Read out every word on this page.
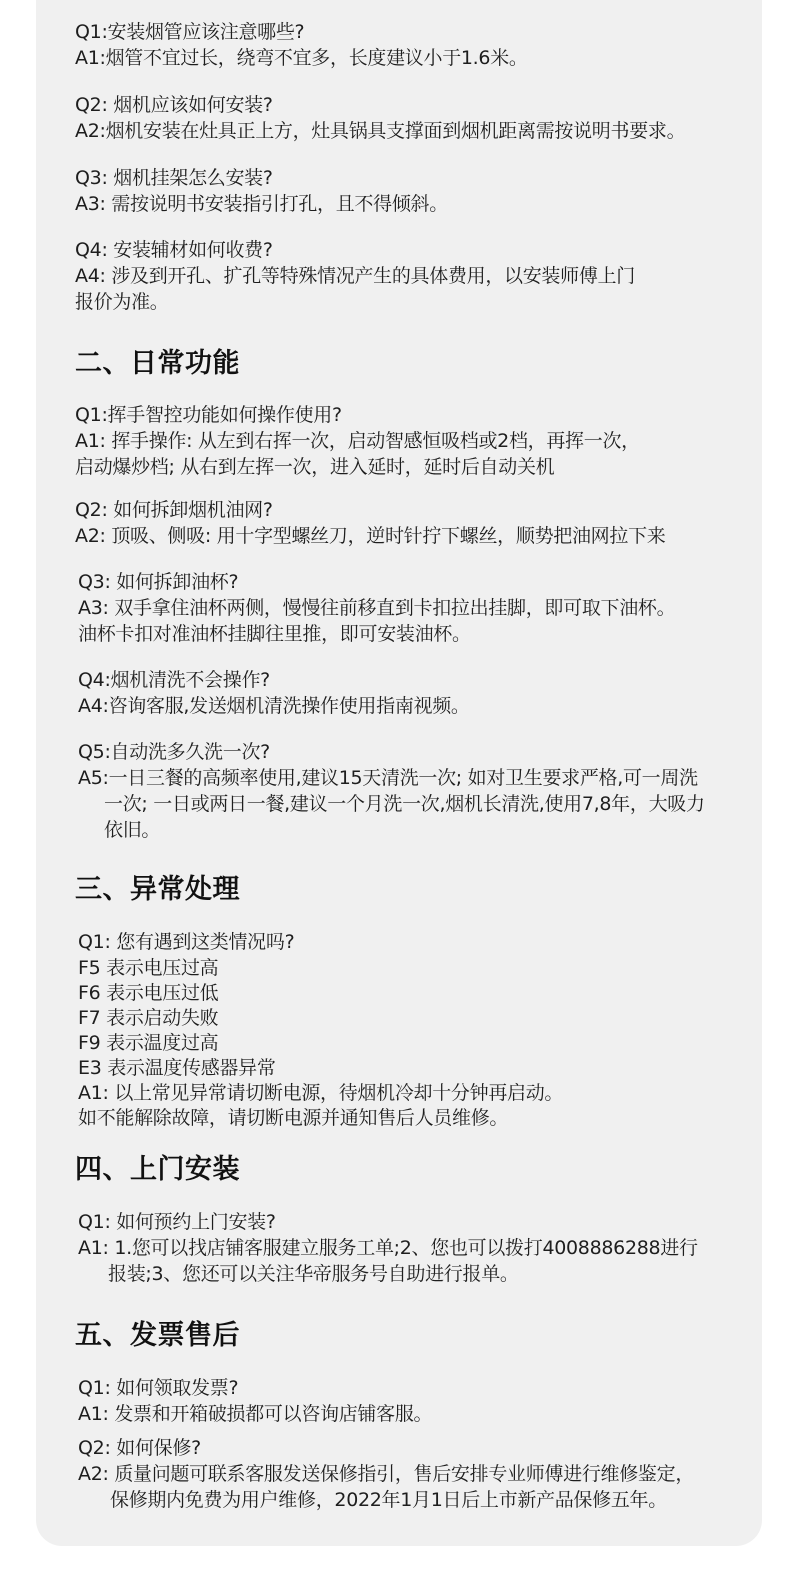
Q1:安装烟管应该注意哪些?
A1:烟管不宜过长，绕弯不宜多，长度建议小于1.6米。
Q2: 烟机应该如何安装?
A2:烟机安装在灶具正上方，灶具锅具支撑面到烟机距离需按说明书要求。
Q3: 烟机挂架怎么安装?
A3: 需按说明书安装指引打孔，且不得倾斜。
Q4: 安装辅材如何收费?
A4: 涉及到开孔、扩孔等特殊情况产生的具体费用，以安装师傅上门
报价为准。
二、日常功能
Q1:挥手智控功能如何操作使用?
A1: 挥手操作: 从左到右挥一次，启动智感恒吸档或2档，再挥一次，
启动爆炒档; 从右到左挥一次，进入延时，延时后自动关机
Q2: 如何拆卸烟机油网?
A2: 顶吸、侧吸: 用十字型螺丝刀，逆时针拧下螺丝，顺势把油网拉下来
Q3: 如何拆卸油杯?
A3: 双手拿住油杯两侧，慢慢往前移直到卡扣拉出挂脚，即可取下油杯。
油杯卡扣对准油杯挂脚往里推，即可安装油杯。
Q4:烟机清洗不会操作?
A4:咨询客服,发送烟机清洗操作使用指南视频。
Q5:自动洗多久洗一次?
A5:一日三餐的高频率使用,建议15天清洗一次; 如对卫生要求严格,可一周洗
一次; 一日或两日一餐,建议一个月洗一次,烟机长清洗,使用7,8年，大吸力
依旧。
三、异常处理
Q1: 您有遇到这类情况吗?
F5 表示电压过高
F6 表示电压过低
F7 表示启动失败
F9 表示温度过高
E3 表示温度传感器异常
A1: 以上常见异常请切断电源，待烟机冷却十分钟再启动。
如不能解除故障，请切断电源并通知售后人员维修。
四、上门安装
Q1: 如何预约上门安装?
A1: 1.您可以找店铺客服建立服务工单;2、您也可以拨打4008886288进行
报装;3、您还可以关注华帝服务号自助进行报单。
五、发票售后
Q1: 如何领取发票?
A1: 发票和开箱破损都可以咨询店铺客服。
Q2: 如何保修?
A2: 质量问题可联系客服发送保修指引，售后安排专业师傅进行维修鉴定，
保修期内免费为用户维修，2022年1月1日后上市新产品保修五年。
